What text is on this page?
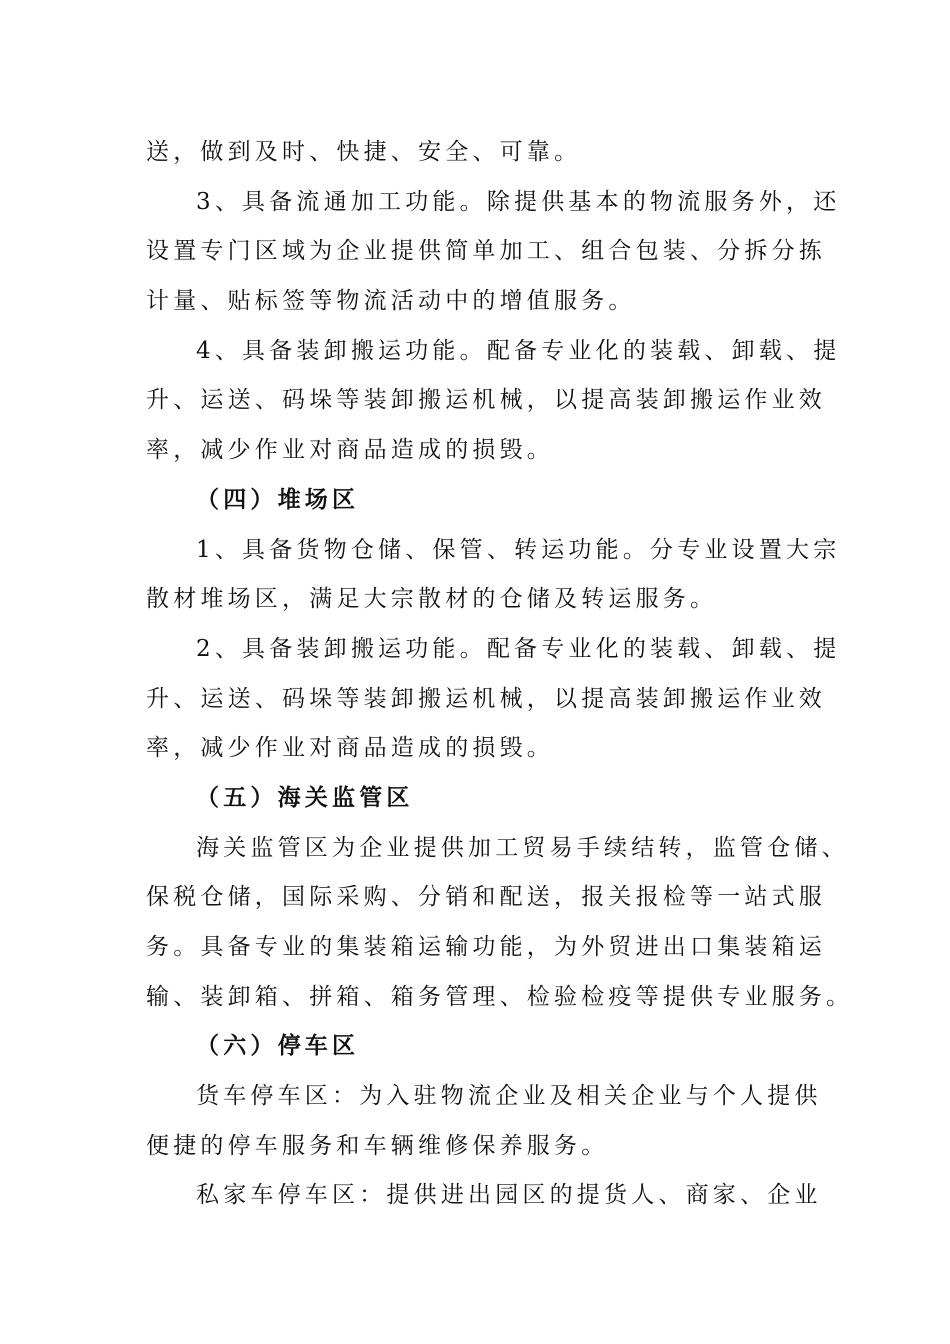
送，做到及时、快捷、安全、可靠。
3、具备流通加工功能。除提供基本的物流服务外，还
设置专门区域为企业提供简单加工、组合包装、分拆分拣
计量、贴标签等物流活动中的增值服务。
4、具备装卸搬运功能。配备专业化的装载、卸载、提
升、运送、码垛等装卸搬运机械，以提高装卸搬运作业效
率，减少作业对商品造成的损毁。
（四）堆场区
1、具备货物仓储、保管、转运功能。分专业设置大宗
散材堆场区，满足大宗散材的仓储及转运服务。
2、具备装卸搬运功能。配备专业化的装载、卸载、提
升、运送、码垛等装卸搬运机械，以提高装卸搬运作业效
率，减少作业对商品造成的损毁。
（五）海关监管区
海关监管区为企业提供加工贸易手续结转，监管仓储、
保税仓储，国际采购、分销和配送，报关报检等一站式服
务。具备专业的集装箱运输功能，为外贸进出口集装箱运
输、装卸箱、拼箱、箱务管理、检验检疫等提供专业服务。
（六）停车区
货车停车区：为入驻物流企业及相关企业与个人提供
便捷的停车服务和车辆维修保养服务。
私家车停车区：提供进出园区的提货人、商家、企业
